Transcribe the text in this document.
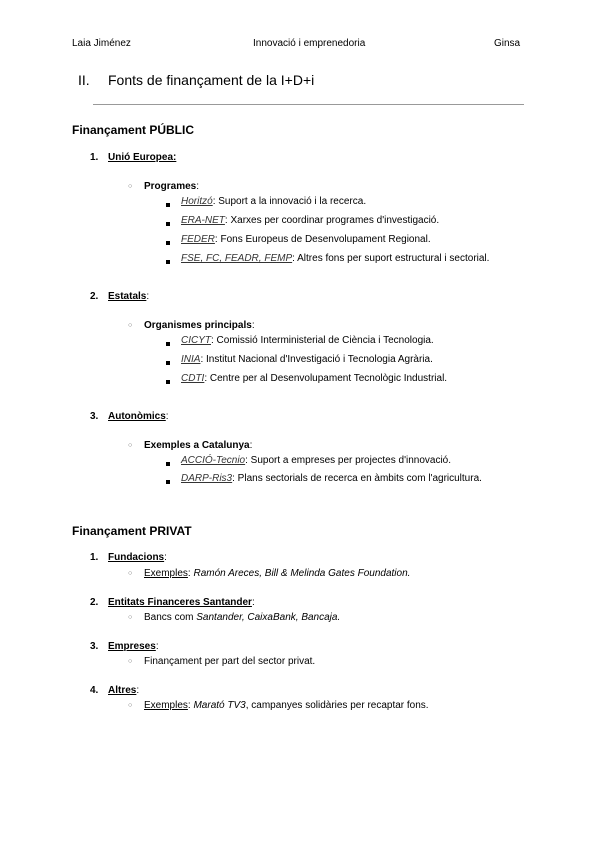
Laia Jiménez	Innovació i emprenedoria	Ginsa
II. Fonts de finançament de la I+D+i
Finançament PÚBLIC
1. Unió Europea:
○ Programes:
Horitzó: Suport a la innovació i la recerca.
ERA-NET: Xarxes per coordinar programes d'investigació.
FEDER: Fons Europeus de Desenvolupament Regional.
FSE, FC, FEADR, FEMP: Altres fons per suport estructural i sectorial.
2. Estatals:
○ Organismes principals:
CICYT: Comissió Interministerial de Ciència i Tecnologia.
INIA: Institut Nacional d'Investigació i Tecnologia Agrària.
CDTI: Centre per al Desenvolupament Tecnològic Industrial.
3. Autonòmics:
○ Exemples a Catalunya:
ACCIÓ-Tecnio: Suport a empreses per projectes d'innovació.
DARP-Ris3: Plans sectorials de recerca en àmbits com l'agricultura.
Finançament PRIVAT
1. Fundacions:
○ Exemples: Ramón Areces, Bill & Melinda Gates Foundation.
2. Entitats Financeres Santander:
○ Bancs com Santander, CaixaBank, Bancaja.
3. Empreses:
○ Finançament per part del sector privat.
4. Altres:
○ Exemples: Marató TV3, campanyes solidàries per recaptar fons.
